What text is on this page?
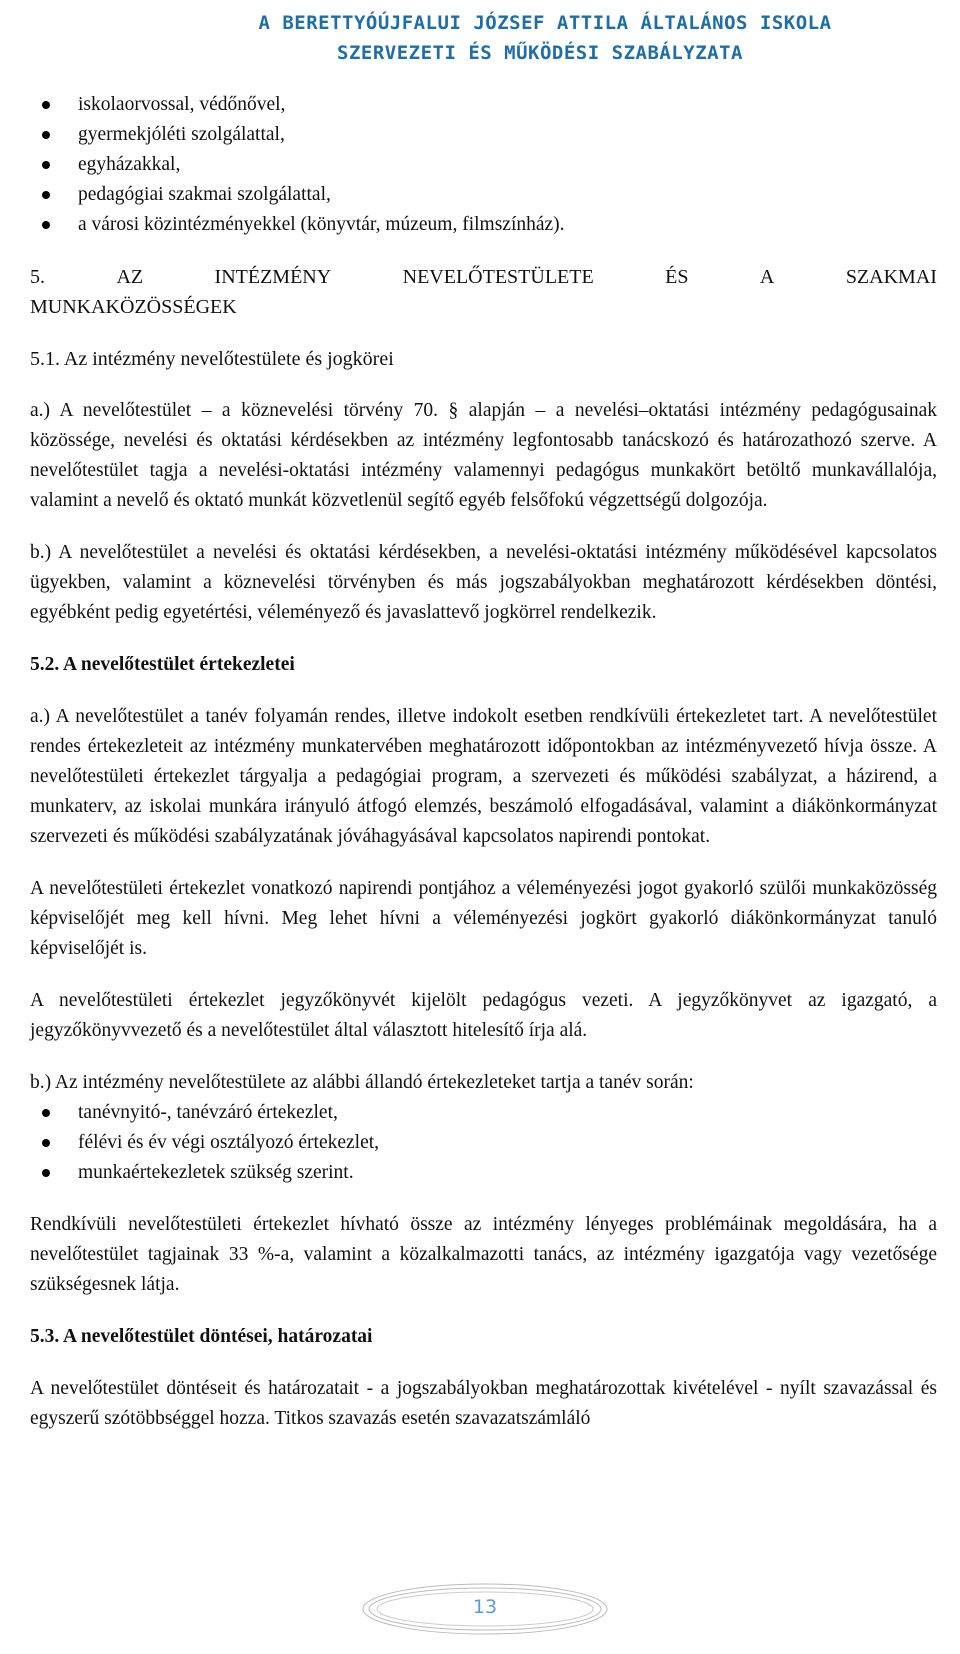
A BERETTYÓÚJFALUI JÓZSEF ATTILA ÁLTALÁNOS ISKOLA
SZERVEZETI ÉS MŰKÖDÉSI SZABÁLYZATA
iskolaorvossal, védőnővel,
gyermekjóléti szolgálattal,
egyházakkal,
pedagógiai szakmai szolgálattal,
a városi közintézményekkel (könyvtár, múzeum, filmszínház).
5.	AZ	INTÉZMÉNY	NEVELŐTESTÜLETE	ÉS	A	SZAKMAI
MUNKAKÖZÖSSÉGEK

5.1. Az intézmény nevelőtestülete és jogkörei

a.) A nevelőtestület – a köznevelési törvény 70. § alapján – a nevelési–oktatási intézmény pedagógusainak közössége, nevelési és oktatási kérdésekben az intézmény legfontosabb tanácskozó és határozathozó szerve. A nevelőtestület tagja a nevelési-oktatási intézmény valamennyi pedagógus munkakört betöltő munkavállalója, valamint a nevelő és oktató munkát közvetlenül segítő egyéb felsőfokú végzettségű dolgozója.

b.) A nevelőtestület a nevelési és oktatási kérdésekben, a nevelési-oktatási intézmény működésével kapcsolatos ügyekben, valamint a köznevelési törvényben és más jogszabályokban meghatározott kérdésekben döntési, egyébként pedig egyetértési, véleményező és javaslattevő jogkörrel rendelkezik.

5.2. A nevelőtestület értekezletei

a.) A nevelőtestület a tanév folyamán rendes, illetve indokolt esetben rendkívüli értekezletet tart. A nevelőtestület rendes értekezleteit az intézmény munkatervében meghatározott időpontokban az intézményvezető hívja össze. A nevelőtestületi értekezlet tárgyalja a pedagógiai program, a szervezeti és működési szabályzat, a házirend, a munkaterv, az iskolai munkára irányuló átfogó elemzés, beszámoló elfogadásával, valamint a diákönkormányzat szervezeti és működési szabályzatának jóváhagyásával kapcsolatos napirendi pontokat.

A nevelőtestületi értekezlet vonatkozó napirendi pontjához a véleményezési jogot gyakorló szülői munkaközösség képviselőjét meg kell hívni. Meg lehet hívni a véleményezési jogkört gyakorló diákönkormányzat tanuló képviselőjét is.

A nevelőtestületi értekezlet jegyzőkönyvét kijelölt pedagógus vezeti. A jegyzőkönyvet az igazgató, a jegyzőkönyvvezető és a nevelőtestület által választott hitelesítő írja alá.

b.) Az intézmény nevelőtestülete az alábbi állandó értekezleteket tartja a tanév során:

tanévnyitó-, tanévzáró értekezlet,
félévi és év végi osztályozó értekezlet,
munkaértekezletek szükség szerint.

Rendkívüli nevelőtestületi értekezlet hívható össze az intézmény lényeges problémáinak megoldására, ha a nevelőtestület tagjainak 33 %-a, valamint a közalkalmazotti tanács, az intézmény igazgatója vagy vezetősége szükségesnek látja.

5.3. A nevelőtestület döntései, határozatai

A nevelőtestület döntéseit és határozatait - a jogszabályokban meghatározottak kivételével - nyílt szavazással és egyszerű szótöbbséggel hozza. Titkos szavazás esetén szavazatszámláló

13
